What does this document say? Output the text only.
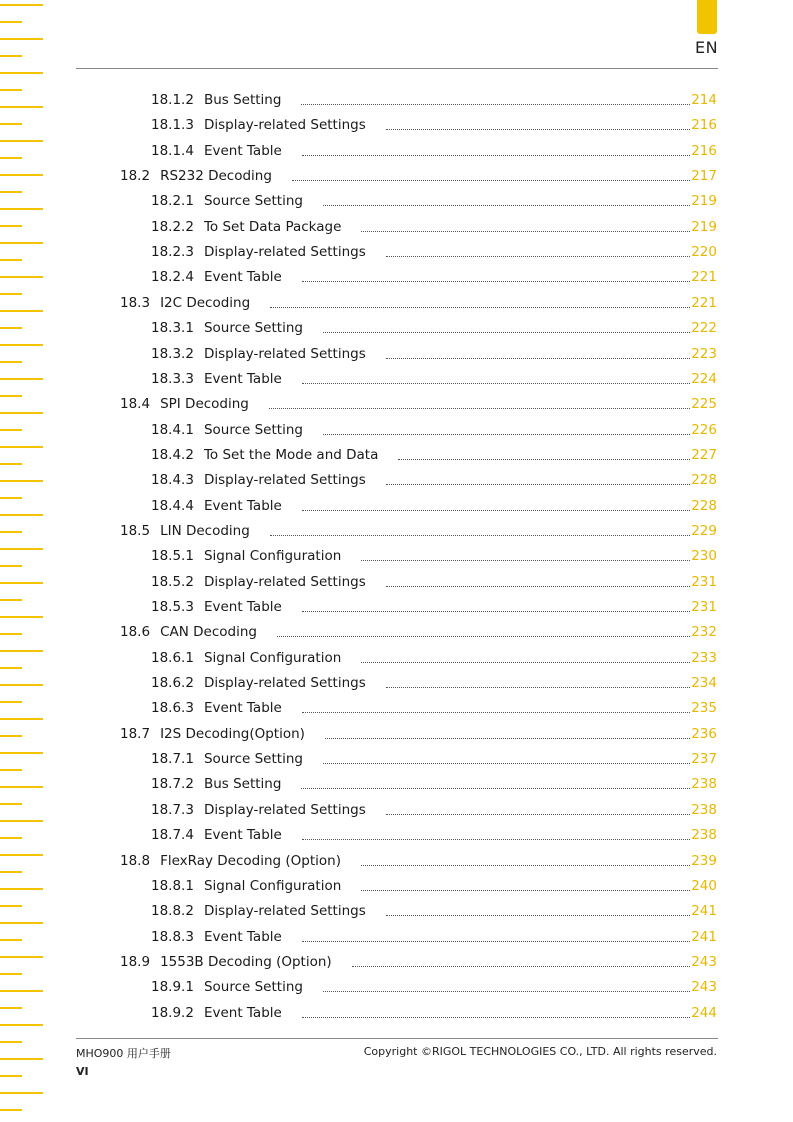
EN
18.1.2 Bus Setting	214
18.1.3 Display-related Settings	216
18.1.4 Event Table	216
18.2 RS232 Decoding	217
18.2.1 Source Setting	219
18.2.2 To Set Data Package	219
18.2.3 Display-related Settings	220
18.2.4 Event Table	221
18.3 I2C Decoding	221
18.3.1 Source Setting	222
18.3.2 Display-related Settings	223
18.3.3 Event Table	224
18.4 SPI Decoding	225
18.4.1 Source Setting	226
18.4.2 To Set the Mode and Data	227
18.4.3 Display-related Settings	228
18.4.4 Event Table	228
18.5 LIN Decoding	229
18.5.1 Signal Configuration	230
18.5.2 Display-related Settings	231
18.5.3 Event Table	231
18.6 CAN Decoding	232
18.6.1 Signal Configuration	233
18.6.2 Display-related Settings	234
18.6.3 Event Table	235
18.7 I2S Decoding(Option)	236
18.7.1 Source Setting	237
18.7.2 Bus Setting	238
18.7.3 Display-related Settings	238
18.7.4 Event Table	238
18.8 FlexRay Decoding (Option)	239
18.8.1 Signal Configuration	240
18.8.2 Display-related Settings	241
18.8.3 Event Table	241
18.9 1553B Decoding (Option)	243
18.9.1 Source Setting	243
18.9.2 Event Table	244
MHO900 用户手册	Copyright ©RIGOL TECHNOLOGIES CO., LTD. All rights reserved.
VI
